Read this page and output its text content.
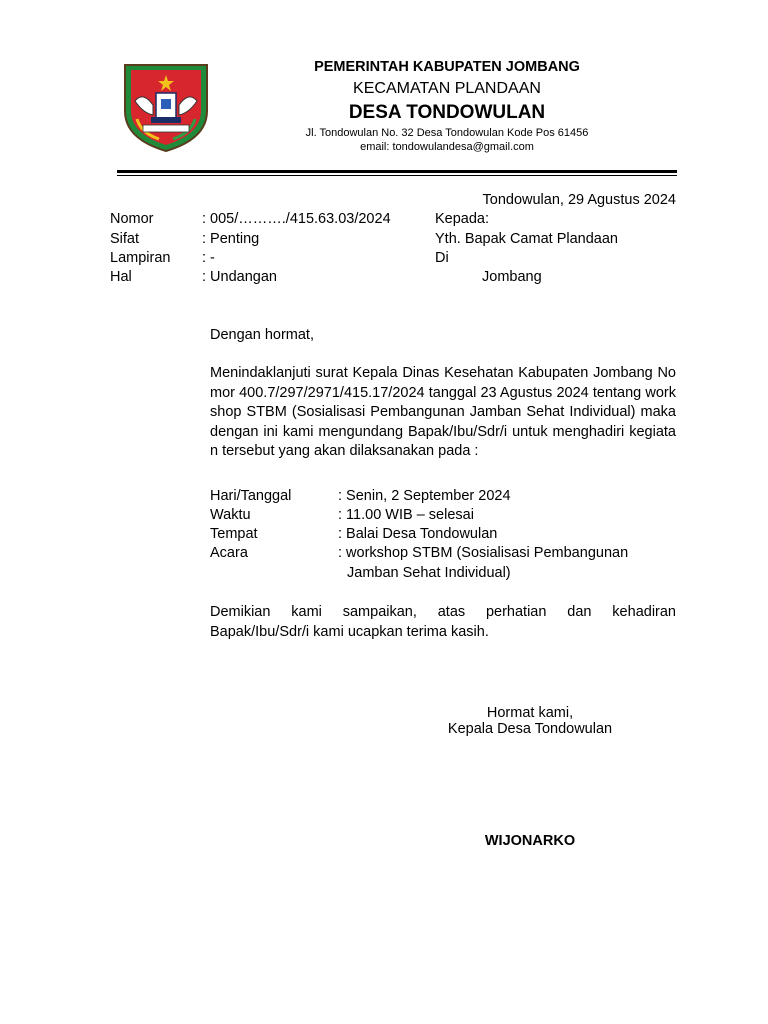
PEMERINTAH KABUPATEN JOMBANG
KECAMATAN PLANDAAN
DESA TONDOWULAN
Jl. Tondowulan No. 32 Desa Tondowulan Kode Pos 61456
email: tondowulandesa@gmail.com
Tondowulan, 29 Agustus 2024
Nomor	: 005/………./415.63.03/2024
Sifat	: Penting
Lampiran : -
Hal	: Undangan
Kepada:
Yth. Bapak Camat Plandaan
Di
Jombang
Dengan hormat,
Menindaklanjuti surat Kepala Dinas Kesehatan Kabupaten Jombang Nomor 400.7/297/2971/415.17/2024 tanggal 23 Agustus 2024 tentang workshop STBM (Sosialisasi Pembangunan Jamban Sehat Individual) maka dengan ini kami mengundang Bapak/Ibu/Sdr/i untuk menghadiri kegiatan tersebut yang akan dilaksanakan pada :
Hari/Tanggal	: Senin, 2 September 2024
Waktu	: 11.00 WIB – selesai
Tempat	: Balai Desa Tondowulan
Acara	: workshop STBM (Sosialisasi Pembangunan
Jamban Sehat Individual)
Demikian kami sampaikan, atas perhatian dan kehadiran Bapak/Ibu/Sdr/i kami ucapkan terima kasih.
Hormat kami,
Kepala Desa Tondowulan
WIJONARKO
